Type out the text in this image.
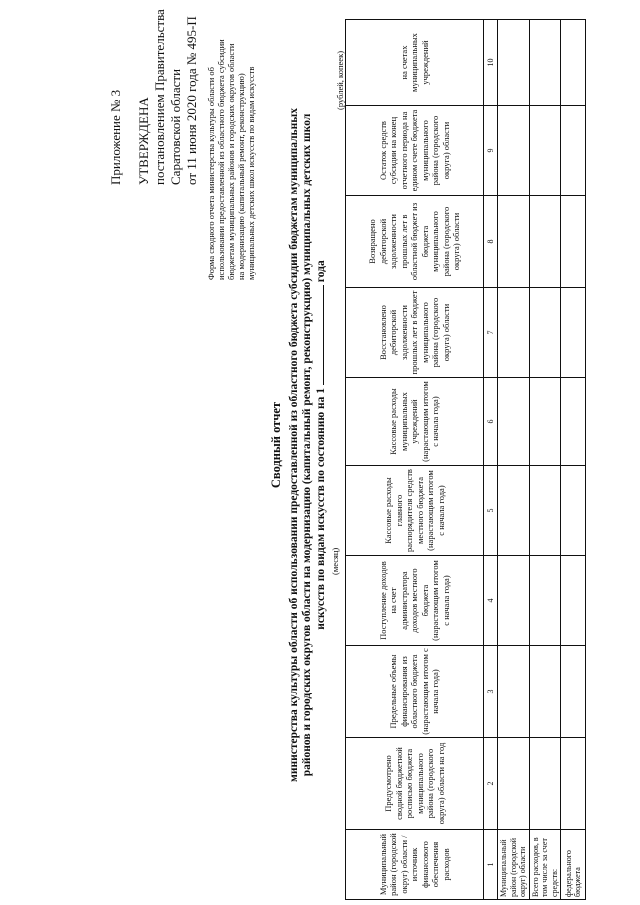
Приложение № 3 УТВЕРЖДЕНА постановлением Правительства Саратовской области от 11 июня 2020 года № 495-П Форма сводного отчета министерства культуры области об использовании предоставленной из областного бюджета субсидии бюджетам муниципальных районов и городских округов области на модернизацию (капитальный ремонт, реконструкцию) муниципальных детских школ искусств по видам искусств
Сводный отчет министерства культуры области об использовании предоставленной из областного бюджета субсидии бюджетам муниципальных районов и городских округов области на модернизацию (капитальный ремонт, реконструкцию) муниципальных детских школ искусств по видам искусств по состоянию на 1  года
(месяц)
(рублей, копеек)
Муниципальный район (городской округ) области / источник финансового обеспечения расходов	Предусмотрено сводной бюджетной росписью бюджета муниципального района (городского округа) области на год	Предельные объемы финансирования из областного бюджета (нарастающим итогом с начала года)	Поступление доходов на счет администратора доходов местного бюджета (нарастающим итогом с начала года)	Кассовые расходы главного распорядителя средств местного бюджета (нарастающим итогом с начала года)	Кассовые расходы муниципальных учреждений (нарастающим итогом с начала года)	Восстановлено дебиторской задолженности прошлых лет в бюджет муниципального района (городского округа) области	Возвращено дебиторской задолженности прошлых лет в областной бюджет из бюджета муниципального района (городского округа) области	Остаток средств субсидии на конец отчетного периода на едином счете бюджета муниципального района (городского округа) области	на счетах муниципальных учреждений
1	2	3	4	5	6	7	8	9	10
Муниципальный район (городской округ) области									
Всего расходов, в том числе за счет средств:									
федерального бюджета									
